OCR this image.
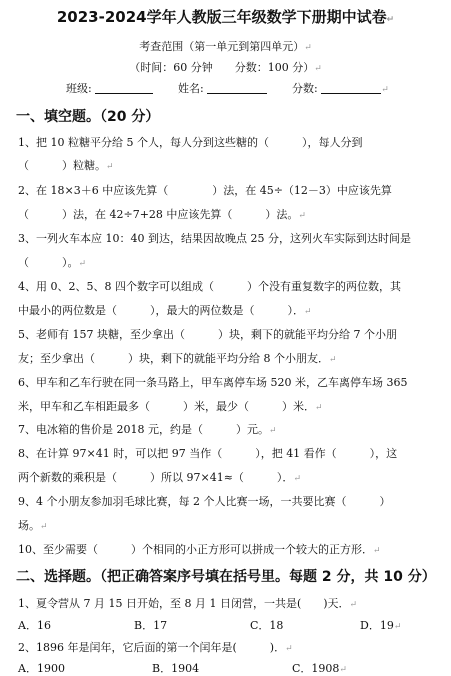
2023-2024学年人教版三年级数学下册期中试卷↵
考查范围（第一单元到第四单元）↵
（时间：60 分钟　　分数：100 分）↵
班级:	姓名:	分数:	↵
一、填空题。（20 分）
1、把 10 粒糖平分给 5 个人，每人分到这些糖的（　　　），每人分到
（　　　）粒糖。↵
2、在 18×3＋6 中应该先算（　　　　）法，在 45÷（12－3）中应该先算
（　　　）法，在 42÷7+28 中应该先算（　　　）法。↵
3、一列火车本应 10：40 到达，结果因故晚点 25 分，这列火车实际到达时间是
（　　　）。↵
4、用 0、2、5、8 四个数字可以组成（　　　）个没有重复数字的两位数，其
中最小的两位数是（　　　），最大的两位数是（　　　）．↵
5、老师有 157 块糖，至少拿出（　　　）块，剩下的就能平均分给 7 个小朋
友；至少拿出（　　　）块，剩下的就能平均分给 8 个小朋友．↵
6、甲车和乙车行驶在同一条马路上，甲车离停车场 520 米，乙车离停车场 365
米，甲车和乙车相距最多（　　　）米，最少（　　　）米．↵
7、电冰箱的售价是 2018 元，约是（　　　）元。↵
8、在计算 97×41 时，可以把 97 当作（　　　），把 41 看作（　　　），这
两个新数的乘积是（　　　）所以 97×41≈（　　　）．↵
9、4 个小朋友参加羽毛球比赛，每 2 个人比赛一场，一共要比赛（　　　）
场。↵
10、至少需要（　　　）个相同的小正方形可以拼成一个较大的正方形．↵
二、选择题。（把正确答案序号填在括号里。每题 2 分，共 10 分）
1、夏令营从 7 月 15 日开始，至 8 月 1 日闭营，一共是(　　)天．↵
A．16	B．17	C．18	D．19↵
2、1896 年是闰年，它后面的第一个闰年是(　　　)．↵
A．1900	B．1904	C．1908↵
